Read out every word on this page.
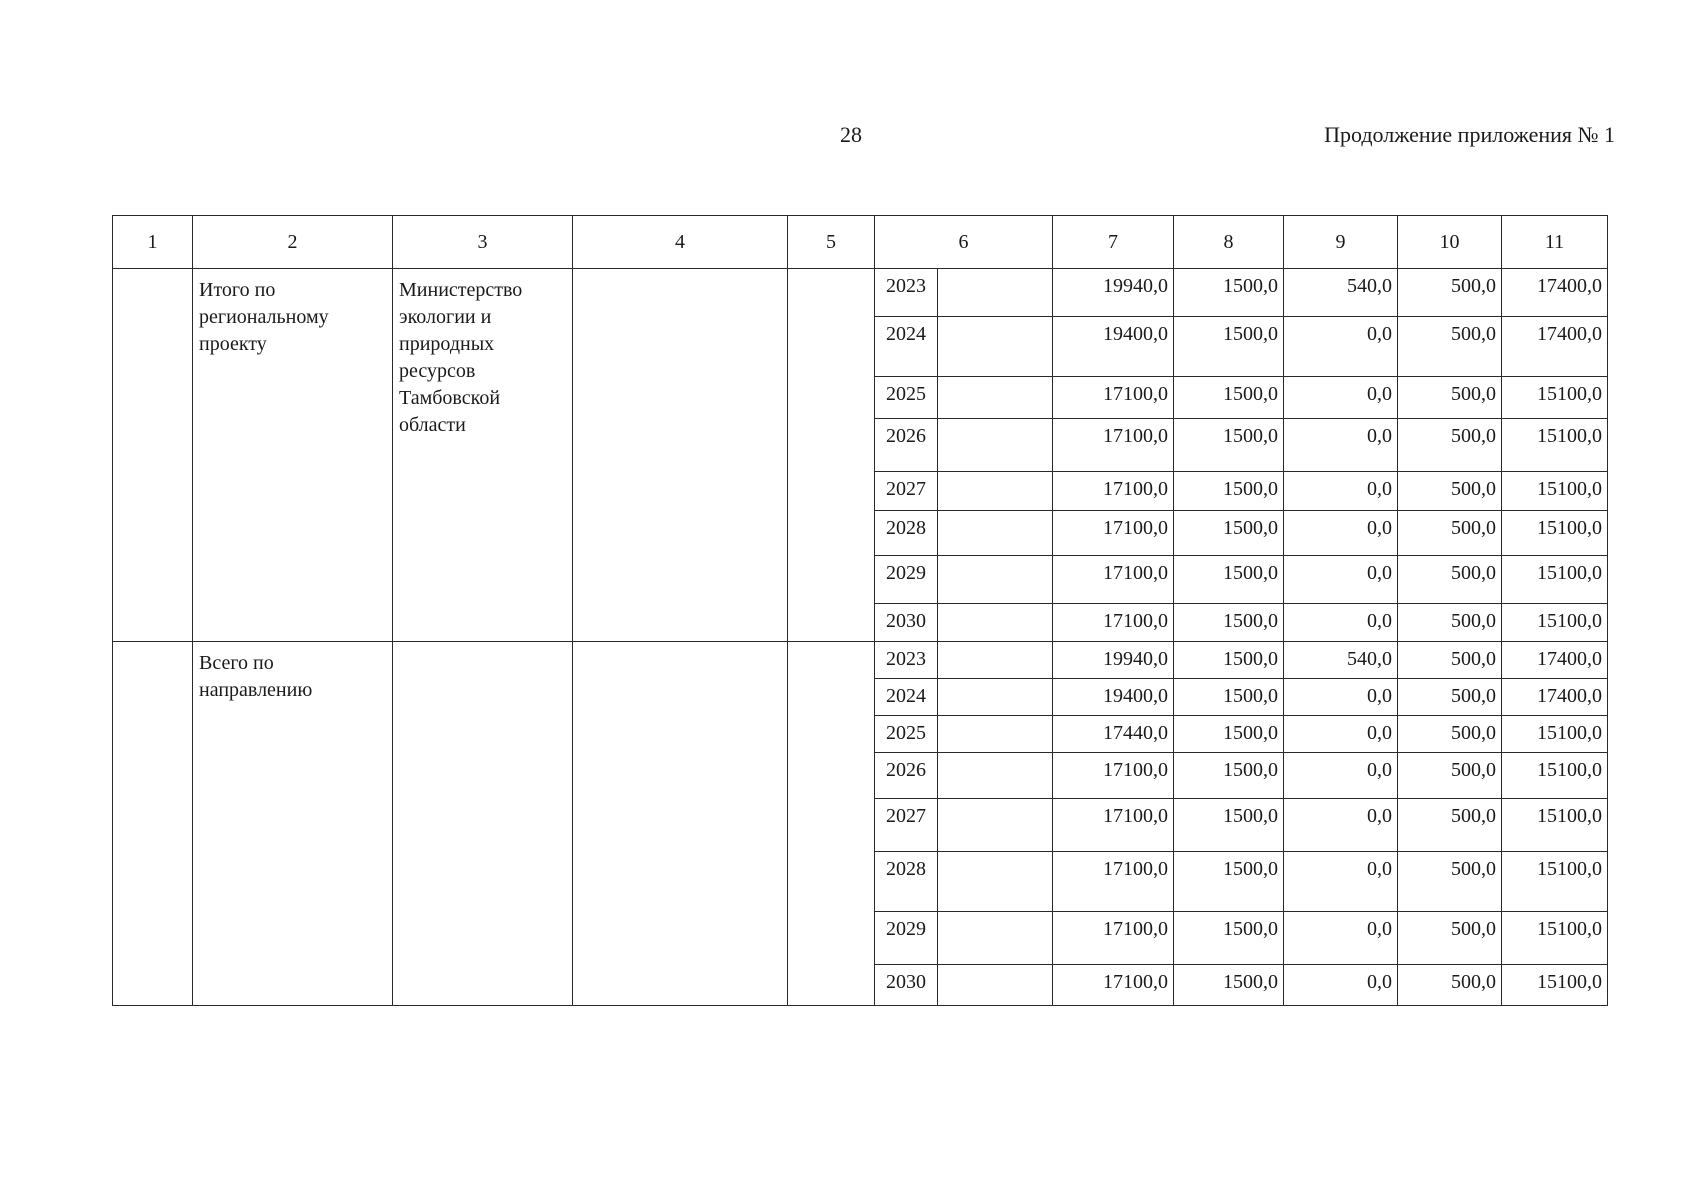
28	Продолжение приложения № 1
1	2	3	4	5	6		7	8	9	10	11
	Итого по региональному проекту	Министерство экологии и природных ресурсов Тамбовской области			2023		19940,0	1500,0	540,0	500,0	17400,0
					2024		19400,0	1500,0	0,0	500,0	17400,0
					2025		17100,0	1500,0	0,0	500,0	15100,0
					2026		17100,0	1500,0	0,0	500,0	15100,0
					2027		17100,0	1500,0	0,0	500,0	15100,0
					2028		17100,0	1500,0	0,0	500,0	15100,0
					2029		17100,0	1500,0	0,0	500,0	15100,0
					2030		17100,0	1500,0	0,0	500,0	15100,0
	Всего по направлению				2023		19940,0	1500,0	540,0	500,0	17400,0
					2024		19400,0	1500,0	0,0	500,0	17400,0
					2025		17440,0	1500,0	0,0	500,0	15100,0
					2026		17100,0	1500,0	0,0	500,0	15100,0
					2027		17100,0	1500,0	0,0	500,0	15100,0
					2028		17100,0	1500,0	0,0	500,0	15100,0
					2029		17100,0	1500,0	0,0	500,0	15100,0
					2030		17100,0	1500,0	0,0	500,0	15100,0
